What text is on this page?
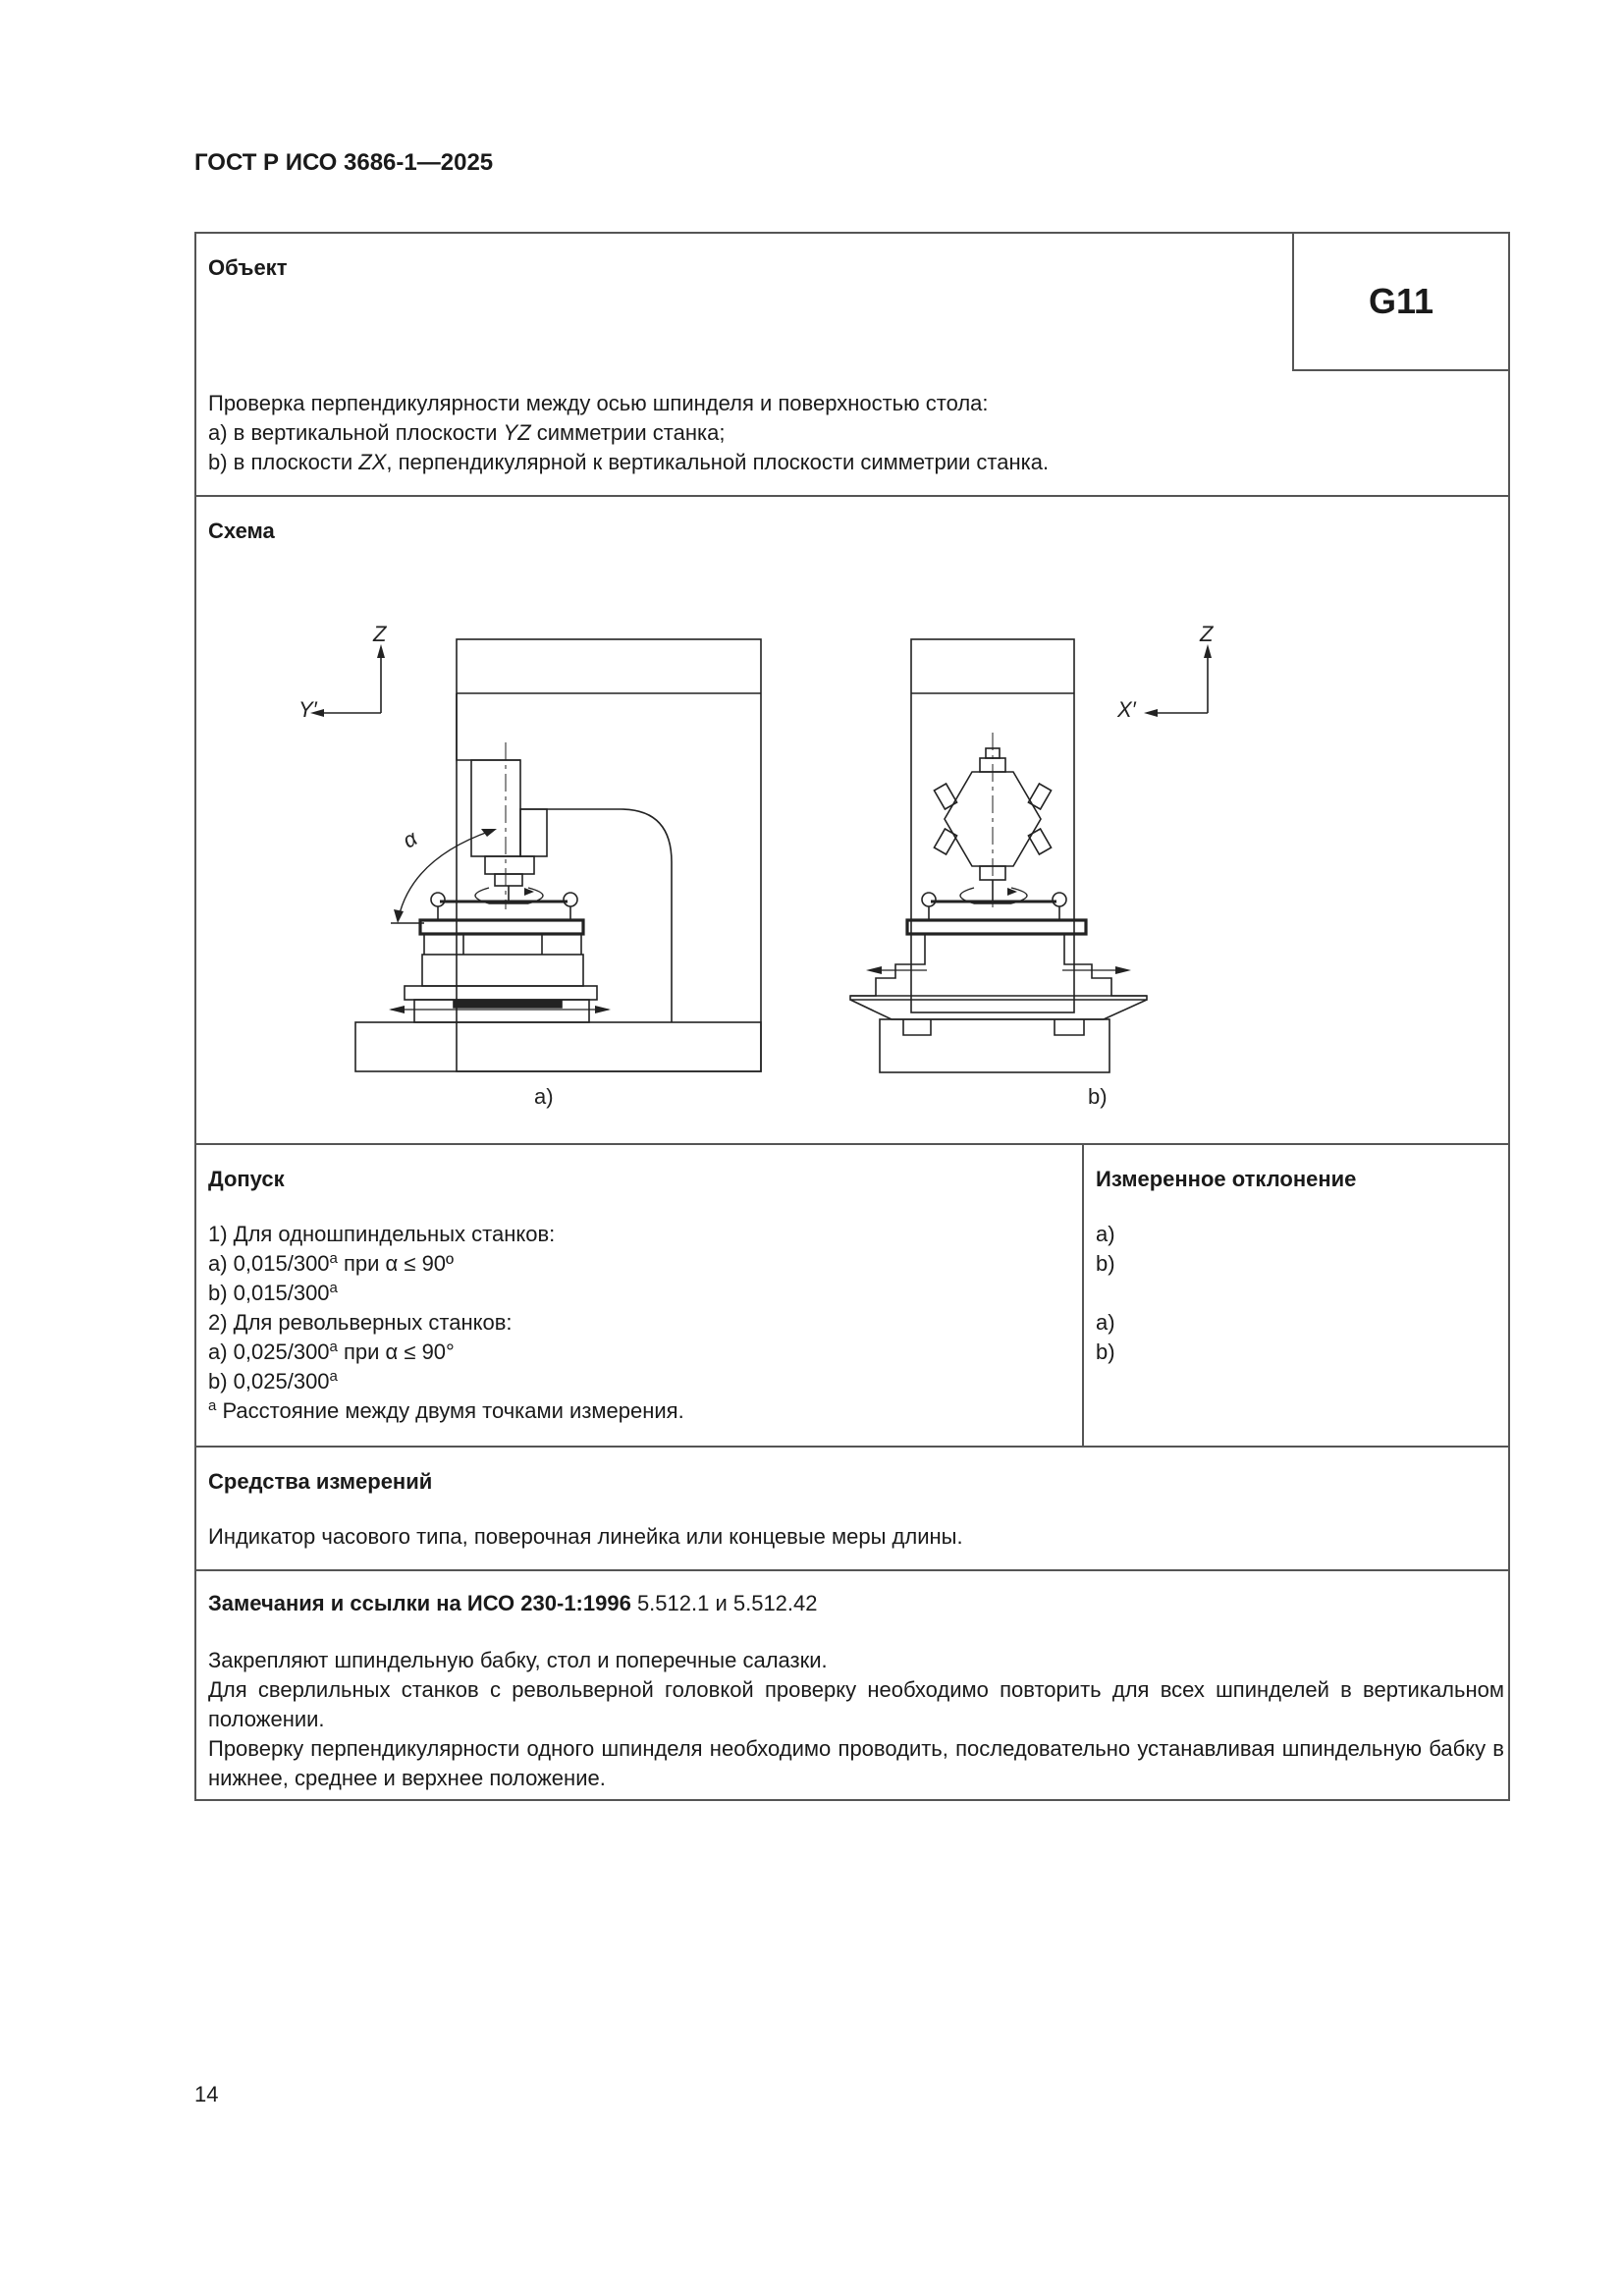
ГОСТ Р ИСО 3686-1—2025
Объект
G11
Проверка перпендикулярности между осью шпинделя и поверхностью стола:
a) в вертикальной плоскости YZ симметрии станка;
b) в плоскости ZX, перпендикулярной к вертикальной плоскости симметрии станка.
Схема
Z
Y′
α
a)
Z
X′
b)
Допуск
1) Для одношпиндельных станков:
a) 0,015/300$^a$ при α ≤ 90º
b) 0,015/300$^a$
2) Для револьверных станков:
a) 0,025/300$^a$ при α ≤ 90°
b) 0,025/300$^a$
$^a$ Расстояние между двумя точками измерения.
Измеренное отклонение
a)
b)

a)
b)
Средства измерений
Индикатор часового типа, поверочная линейка или концевые меры длины.
Замечания и ссылки на ИСО 230-1:1996 5.512.1 и 5.512.42
Закрепляют шпиндельную бабку, стол и поперечные салазки.
Для сверлильных станков с револьверной головкой проверку необходимо повторить для всех шпинделей в вертикальном положении.
Проверку перпендикулярности одного шпинделя необходимо проводить, последовательно устанавливая шпиндельную бабку в нижнее, среднее и верхнее положение.
14
